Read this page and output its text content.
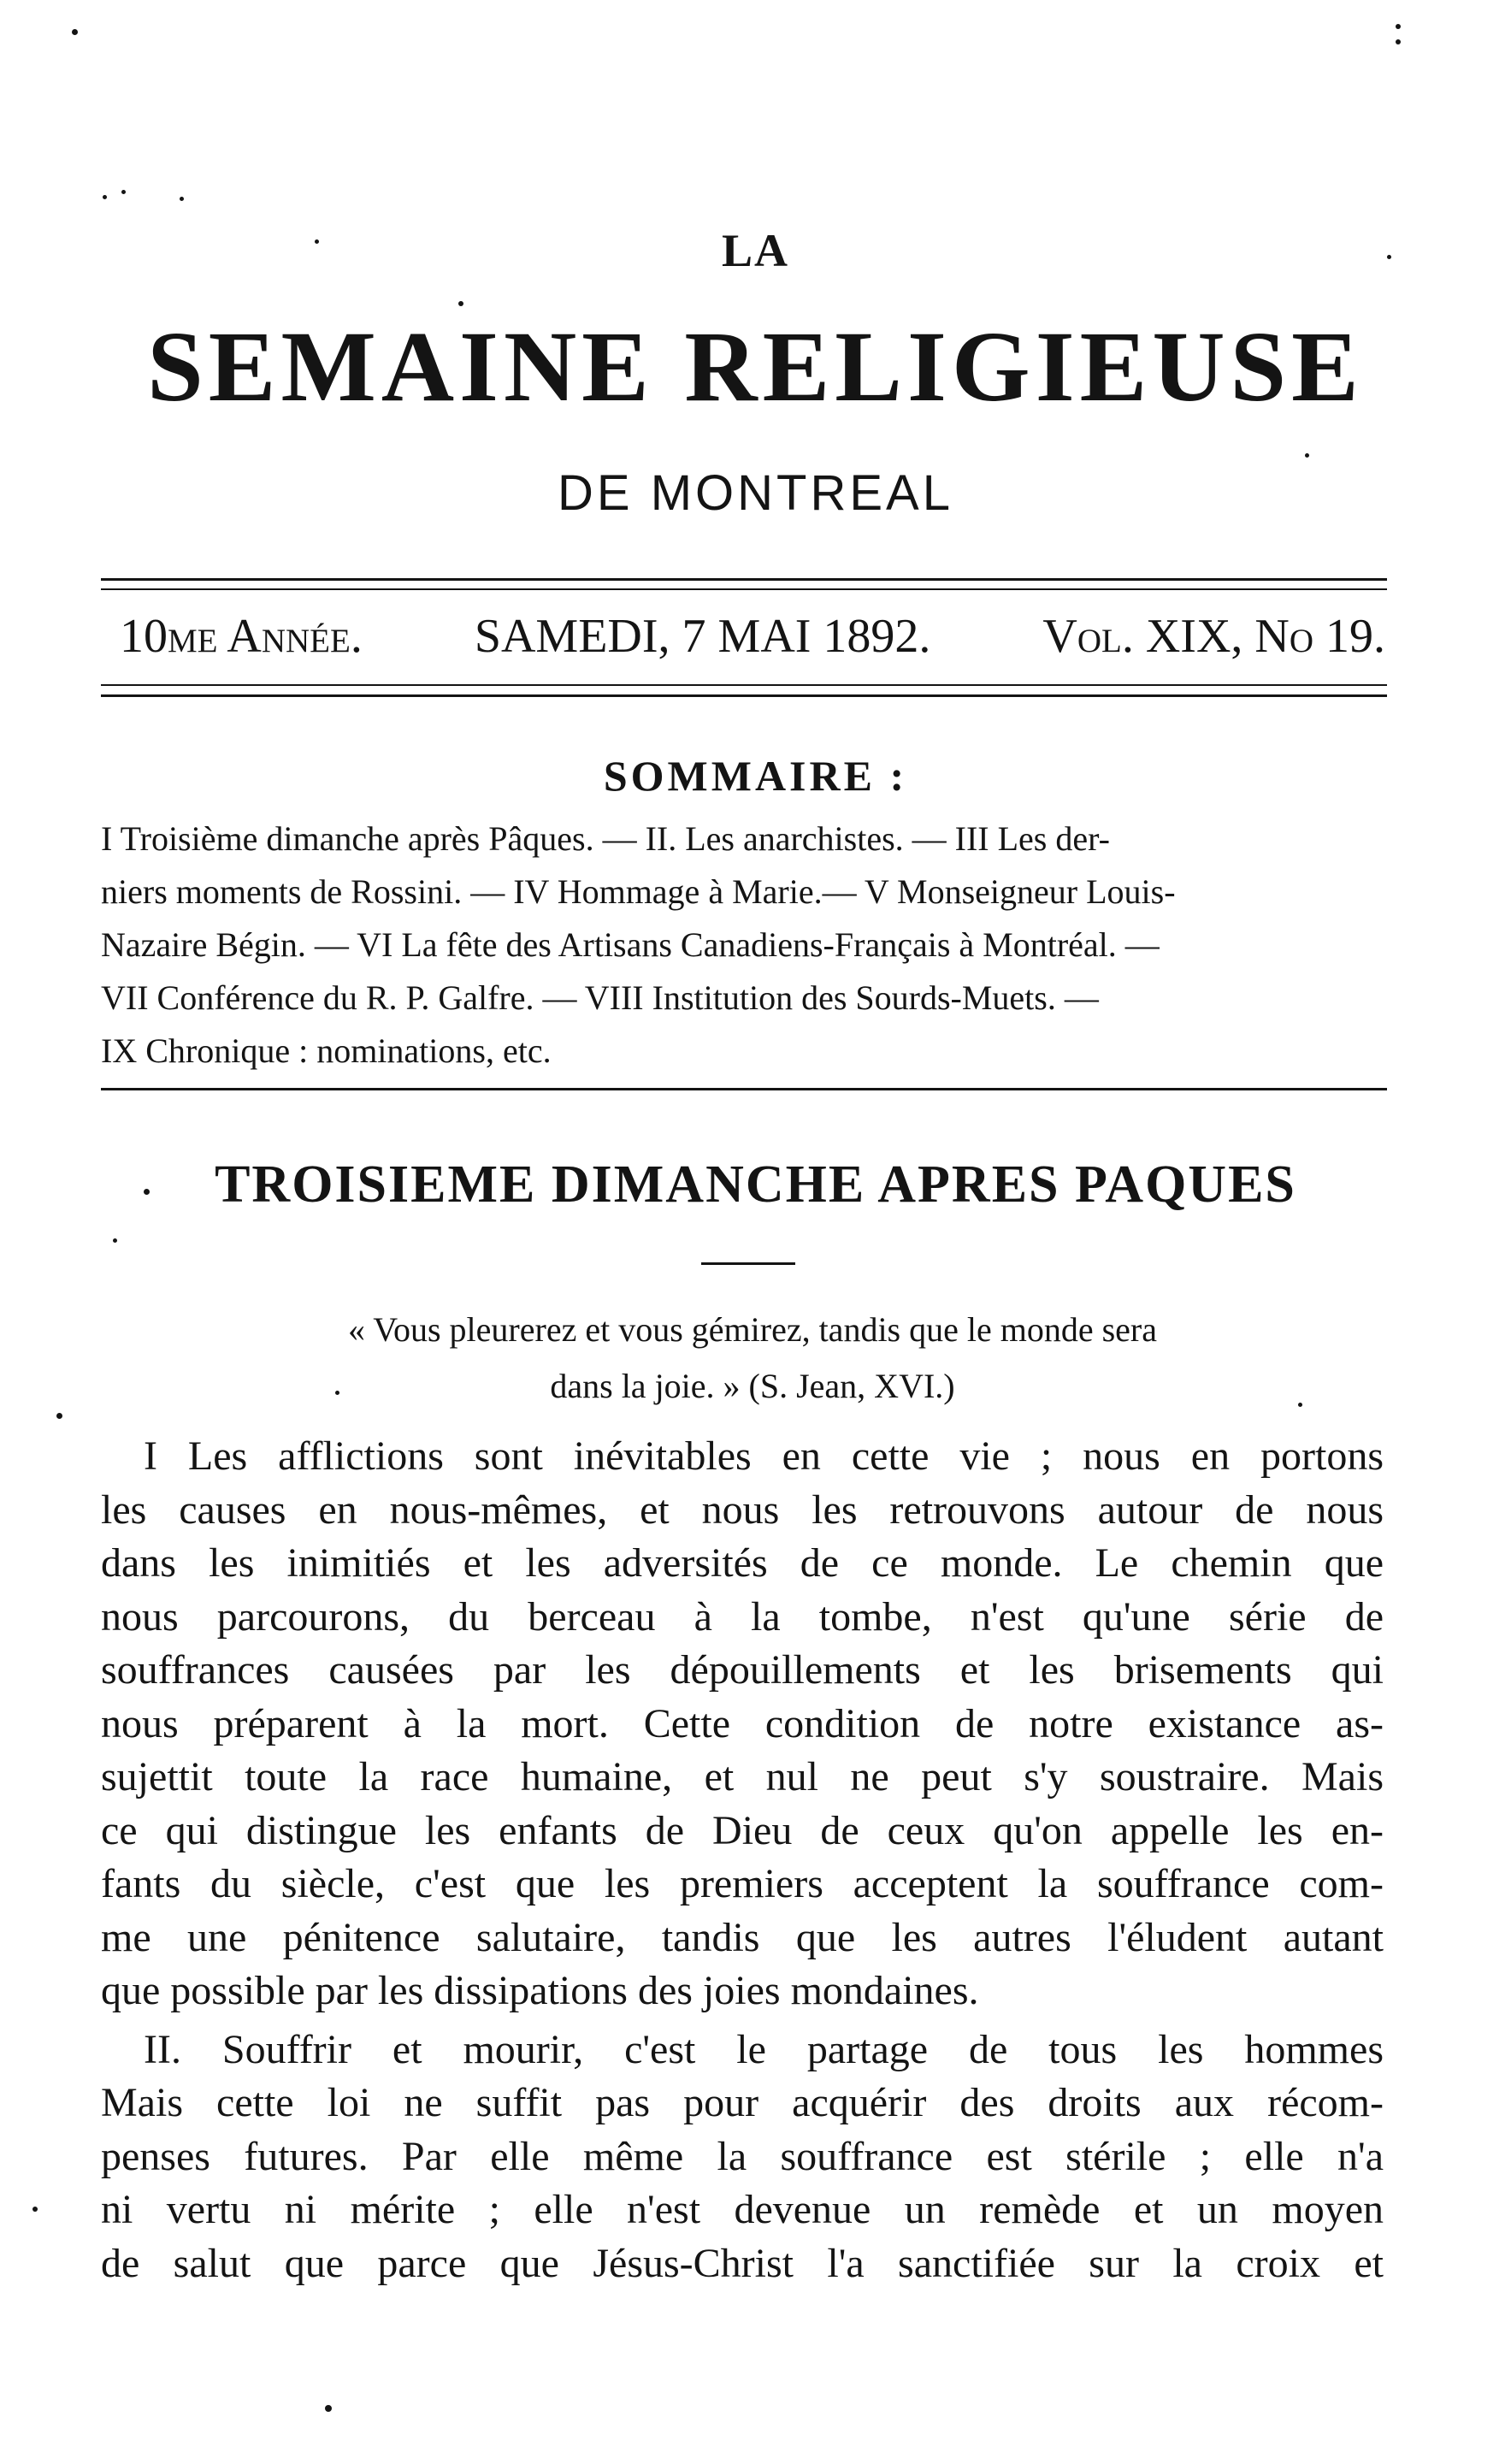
LA
SEMAINE RELIGIEUSE
DE MONTREAL
10me Année. SAMEDI, 7 MAI 1892. Vol. XIX, No 19.
SOMMAIRE :
I Troisième dimanche après Pâques. — II. Les anarchistes. — III Les der-
niers moments de Rossini. — IV Hommage à Marie.— V Monseigneur Louis-
Nazaire Bégin. — VI La fête des Artisans Canadiens-Français à Montréal. —
VII Conférence du R. P. Galfre. — VIII Institution des Sourds-Muets. —
IX Chronique : nominations, etc.
TROISIEME DIMANCHE APRES PAQUES
« Vous pleurerez et vous gémirez, tandis que le monde sera
dans la joie. » (S. Jean, XVI.)
I Les afflictions sont inévitables en cette vie ; nous en portons
les causes en nous-mêmes, et nous les retrouvons autour de nous
dans les inimitiés et les adversités de ce monde. Le chemin que
nous parcourons, du berceau à la tombe, n'est qu'une série de
souffrances causées par les dépouillements et les brisements qui
nous préparent à la mort. Cette condition de notre existance as-
sujettit toute la race humaine, et nul ne peut s'y soustraire. Mais
ce qui distingue les enfants de Dieu de ceux qu'on appelle les en-
fants du siècle, c'est que les premiers acceptent la souffrance com-
me une pénitence salutaire, tandis que les autres l'éludent autant
que possible par les dissipations des joies mondaines.
II. Souffrir et mourir, c'est le partage de tous les hommes
Mais cette loi ne suffit pas pour acquérir des droits aux récom-
penses futures. Par elle même la souffrance est stérile ; elle n'a
ni vertu ni mérite ; elle n'est devenue un remède et un moyen
de salut que parce que Jésus-Christ l'a sanctifiée sur la croix et
